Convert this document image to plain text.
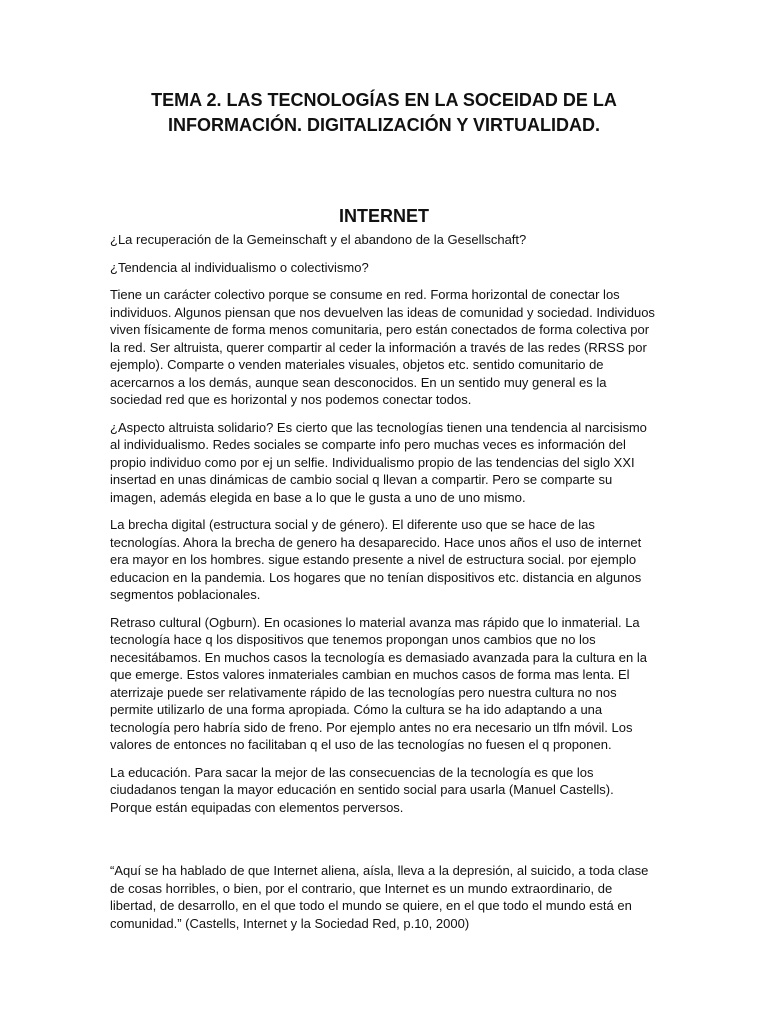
TEMA 2. LAS TECNOLOGÍAS EN LA SOCEIDAD DE LA
INFORMACIÓN. DIGITALIZACIÓN Y VIRTUALIDAD.
INTERNET

¿La recuperación de la Gemeinschaft y el abandono de la Gesellschaft?

¿Tendencia al individualismo o colectivismo?

Tiene un carácter colectivo porque se consume en red. Forma horizontal de conectar los individuos. Algunos piensan que nos devuelven las ideas de comunidad y sociedad. Individuos viven físicamente de forma menos comunitaria, pero están conectados de forma colectiva por la red. Ser altruista, querer compartir al ceder la información a través de las redes (RRSS por ejemplo). Comparte o venden materiales visuales, objetos etc. sentido comunitario de acercarnos a los demás, aunque sean desconocidos. En un sentido muy general es la sociedad red que es horizontal y nos podemos conectar todos.

¿Aspecto altruista solidario? Es cierto que las tecnologías tienen una tendencia al narcisismo al individualismo. Redes sociales se comparte info pero muchas veces es información del propio individuo como por ej un selfie. Individualismo propio de las tendencias del siglo XXI insertad en unas dinámicas de cambio social q llevan a compartir. Pero se comparte su imagen, además elegida en base a lo que le gusta a uno de uno mismo.

La brecha digital (estructura social y de género). El diferente uso que se hace de las tecnologías. Ahora la brecha de genero ha desaparecido. Hace unos años el uso de internet era mayor en los hombres. sigue estando presente a nivel de estructura social. por ejemplo educacion en la pandemia. Los hogares que no tenían dispositivos etc. distancia en algunos segmentos poblacionales.

Retraso cultural (Ogburn). En ocasiones lo material avanza mas rápido que lo inmaterial. La tecnología hace q los dispositivos que tenemos propongan unos cambios que no los necesitábamos. En muchos casos la tecnología es demasiado avanzada para la cultura en la que emerge. Estos valores inmateriales cambian en muchos casos de forma mas lenta. El aterrizaje puede ser relativamente rápido de las tecnologías pero nuestra cultura no nos permite utilizarlo de una forma apropiada. Cómo la cultura se ha ido adaptando a una tecnología pero habría sido de freno. Por ejemplo antes no era necesario un tlfn móvil. Los valores de entonces no facilitaban q el uso de las tecnologías no fuesen el q proponen.

La educación. Para sacar la mejor de las consecuencias de la tecnología es que los ciudadanos tengan la mayor educación en sentido social para usarla (Manuel Castells). Porque están equipadas con elementos perversos.

“Aquí se ha hablado de que Internet aliena, aísla, lleva a la depresión, al suicido, a toda clase de cosas horribles, o bien, por el contrario, que Internet es un mundo extraordinario, de libertad, de desarrollo, en el que todo el mundo se quiere, en el que todo el mundo está en comunidad.” (Castells, Internet y la Sociedad Red, p.10, 2000)
